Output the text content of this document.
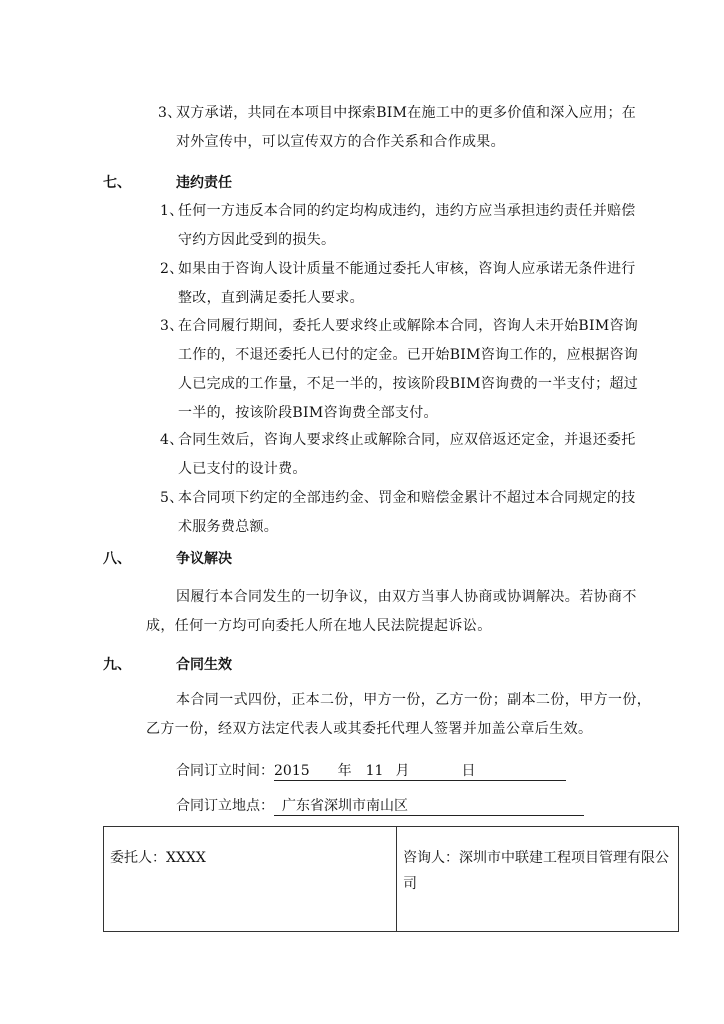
3、
双方承诺，共同在本项目中探索BIM在施工中的更多价值和深入应用；在
对外宣传中，可以宣传双方的合作关系和合作成果。
七、	违约责任
1、
任何一方违反本合同的约定均构成违约，违约方应当承担违约责任并赔偿
守约方因此受到的损失。
2、
如果由于咨询人设计质量不能通过委托人审核，咨询人应承诺无条件进行
整改，直到满足委托人要求。
3、
在合同履行期间，委托人要求终止或解除本合同，咨询人未开始BIM咨询
工作的，不退还委托人已付的定金。已开始BIM咨询工作的，应根据咨询
人已完成的工作量，不足一半的，按该阶段BIM咨询费的一半支付；超过
一半的，按该阶段BIM咨询费全部支付。
4、
合同生效后，咨询人要求终止或解除合同，应双倍返还定金，并退还委托
人已支付的设计费。
5、
本合同项下约定的全部违约金、罚金和赔偿金累计不超过本合同规定的技
术服务费总额。
八、	争议解决
因履行本合同发生的一切争议，由双方当事人协商或协调解决。若协商不
成，任何一方均可向委托人所在地人民法院提起诉讼。
九、	合同生效
本合同一式四份，正本二份，甲方一份，乙方一份；副本二份，甲方一份，
乙方一份，经双方法定代表人或其委托代理人签署并加盖公章后生效。
合同订立时间：2015 年 11 月	日
合同订立地点： 广东省深圳市南山区
委托人：XXXX	咨询人：深圳市中联建工程项目管理有限公
司
